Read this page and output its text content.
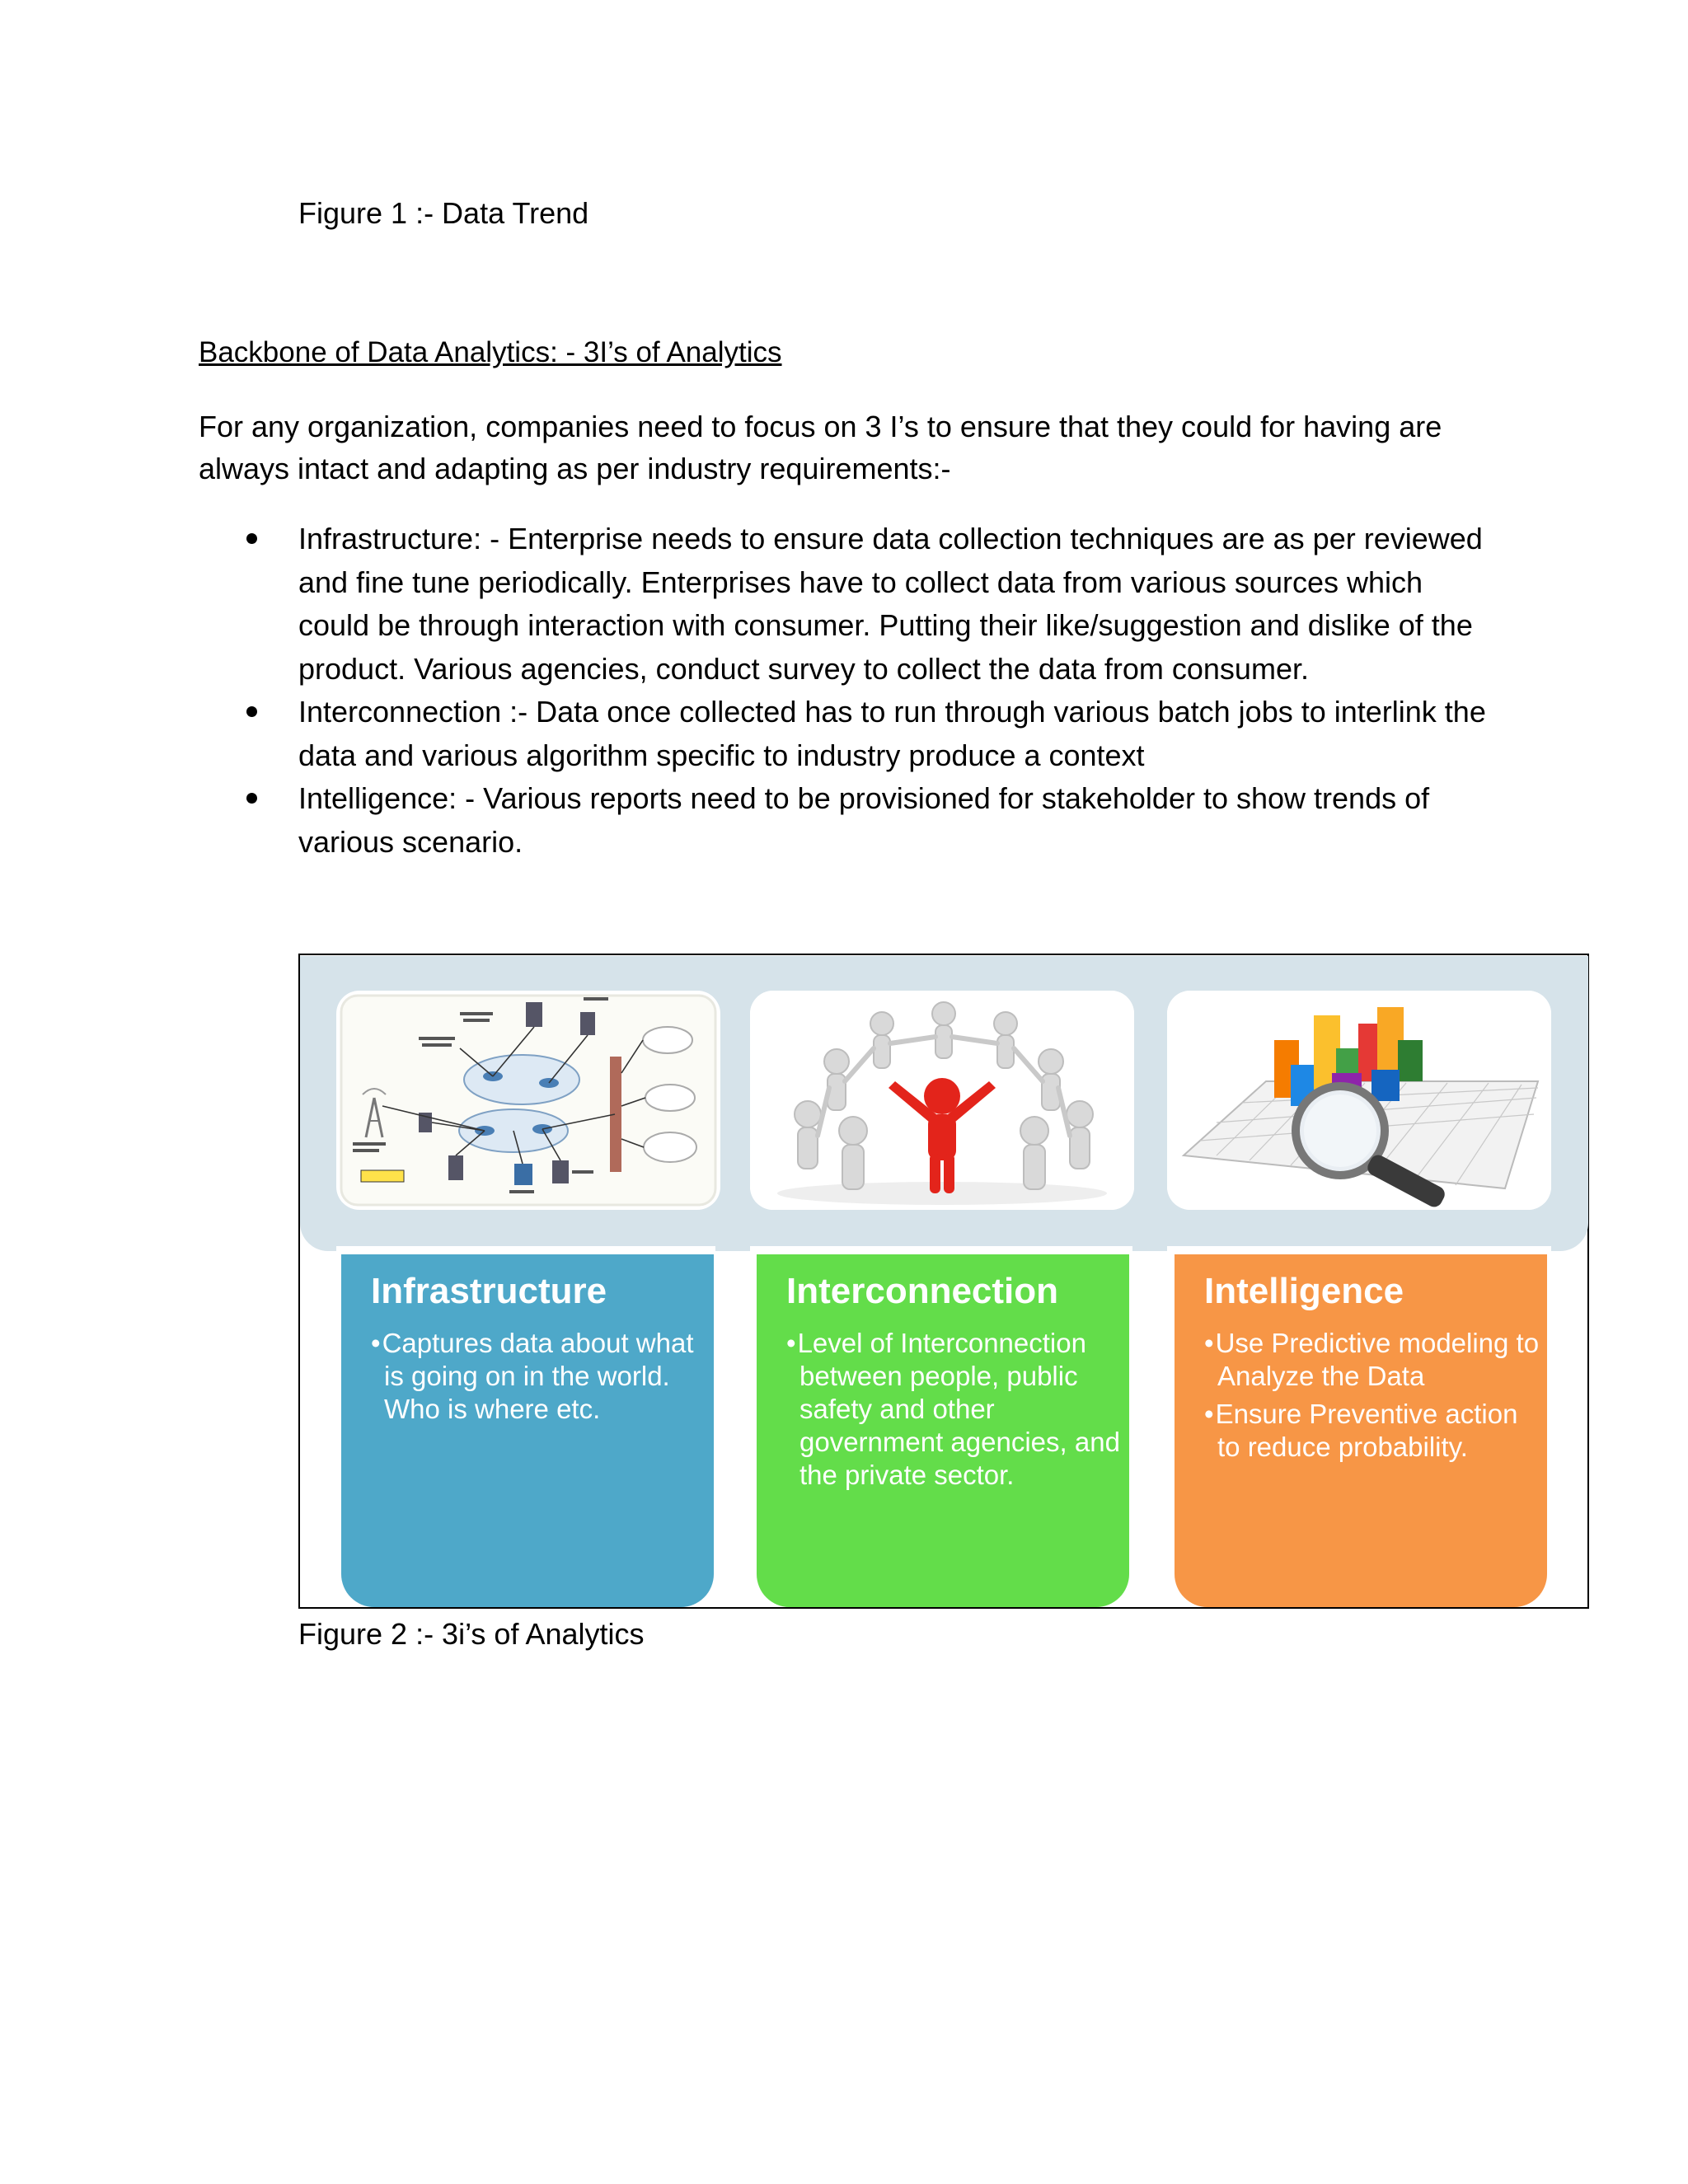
Figure 1 :- Data Trend
Backbone of Data Analytics: - 3I’s of Analytics
For any organization, companies need to focus on 3 I’s to ensure that they could for having are always intact and adapting as per industry requirements:-
Infrastructure: - Enterprise needs to ensure data collection techniques are as per reviewed and fine tune periodically. Enterprises have to collect data from various sources which could be through interaction with consumer. Putting their like/suggestion and dislike of the product. Various agencies, conduct survey to collect the data from consumer.
Interconnection :- Data once collected has to run through various batch jobs to interlink the data and various algorithm specific to industry produce a context
Intelligence: - Various reports need to be provisioned for stakeholder to show trends of various scenario.
Infrastructure
•Captures data about what is going on in the world. Who is where etc.
Interconnection
•Level of Interconnection between people, public safety and other government agencies, and the private sector.
Intelligence
•Use Predictive modeling to Analyze the Data
•Ensure Preventive action to reduce probability.
Figure 2 :- 3i’s of Analytics
